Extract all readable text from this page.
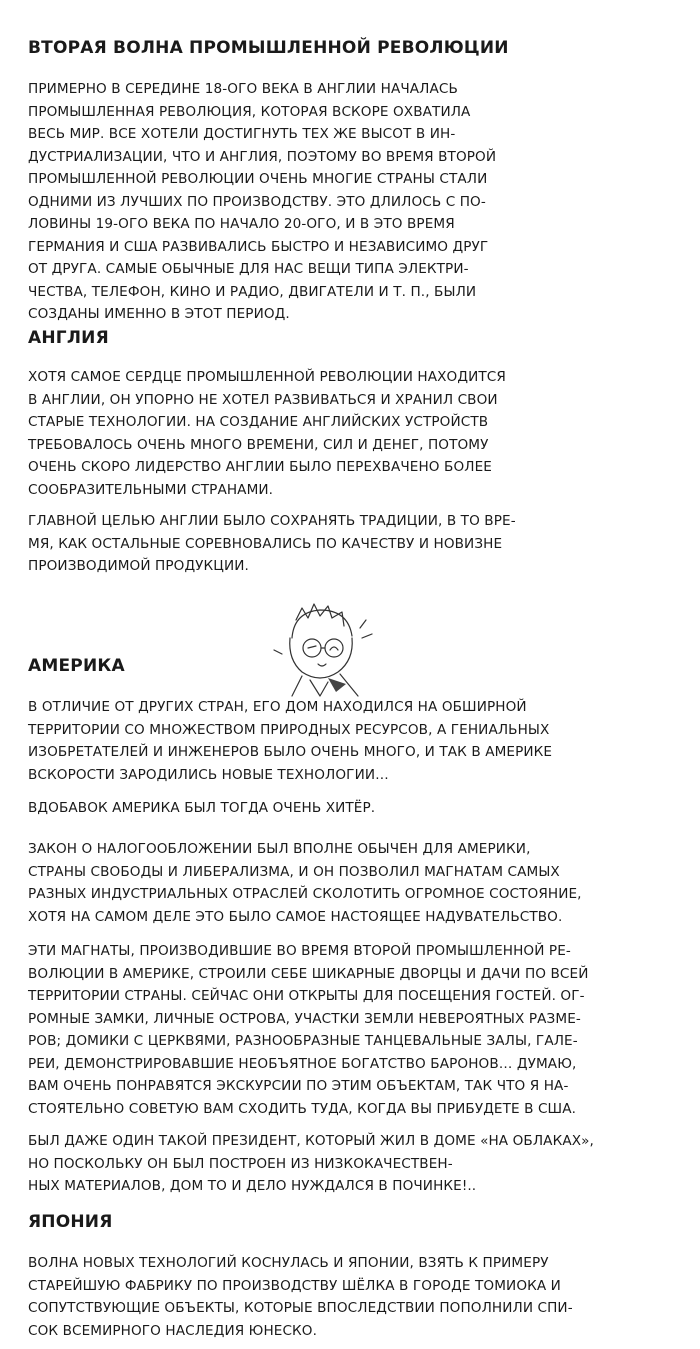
ВТОРАЯ ВОЛНА ПРОМЫШЛЕННОЙ РЕВОЛЮЦИИ
ПРИМЕРНО В СЕРЕДИНЕ 18-ОГО ВЕКА В АНГЛИИ НАЧАЛАСЬ
ПРОМЫШЛЕННАЯ РЕВОЛЮЦИЯ, КОТОРАЯ ВСКОРЕ ОХВАТИЛА
ВЕСЬ МИР. ВСЕ ХОТЕЛИ ДОСТИГНУТЬ ТЕХ ЖЕ ВЫСОТ В ИН-
ДУСТРИАЛИЗАЦИИ, ЧТО И АНГЛИЯ, ПОЭТОМУ ВО ВРЕМЯ ВТОРОЙ
ПРОМЫШЛЕННОЙ РЕВОЛЮЦИИ ОЧЕНЬ МНОГИЕ СТРАНЫ СТАЛИ
ОДНИМИ ИЗ ЛУЧШИХ ПО ПРОИЗВОДСТВУ. ЭТО ДЛИЛОСЬ С ПО-
ЛОВИНЫ 19-ОГО ВЕКА ПО НАЧАЛО 20-ОГО, И В ЭТО ВРЕМЯ
ГЕРМАНИЯ И США РАЗВИВАЛИСЬ БЫСТРО И НЕЗАВИСИМО ДРУГ
ОТ ДРУГА. САМЫЕ ОБЫЧНЫЕ ДЛЯ НАС ВЕЩИ ТИПА ЭЛЕКТРИ-
ЧЕСТВА, ТЕЛЕФОН, КИНО И РАДИО, ДВИГАТЕЛИ И Т. П., БЫЛИ
СОЗДАНЫ ИМЕННО В ЭТОТ ПЕРИОД.
АНГЛИЯ
ХОТЯ САМОЕ СЕРДЦЕ ПРОМЫШЛЕННОЙ РЕВОЛЮЦИИ НАХОДИТСЯ
В АНГЛИИ, ОН УПОРНО НЕ ХОТЕЛ РАЗВИВАТЬСЯ И ХРАНИЛ СВОИ
СТАРЫЕ ТЕХНОЛОГИИ. НА СОЗДАНИЕ АНГЛИЙСКИХ УСТРОЙСТВ
ТРЕБОВАЛОСЬ ОЧЕНЬ МНОГО ВРЕМЕНИ, СИЛ И ДЕНЕГ, ПОТОМУ
ОЧЕНЬ СКОРО ЛИДЕРСТВО АНГЛИИ БЫЛО ПЕРЕХВАЧЕНО БОЛЕЕ
СООБРАЗИТЕЛЬНЫМИ СТРАНАМИ.
ГЛАВНОЙ ЦЕЛЬЮ АНГЛИИ БЫЛО СОХРАНЯТЬ ТРАДИЦИИ, В ТО ВРЕ-
МЯ, КАК ОСТАЛЬНЫЕ СОРЕВНОВАЛИСЬ ПО КАЧЕСТВУ И НОВИЗНЕ
ПРОИЗВОДИМОЙ ПРОДУКЦИИ.
АМЕРИКА
В ОТЛИЧИЕ ОТ ДРУГИХ СТРАН, ЕГО ДОМ НАХОДИЛСЯ НА ОБШИРНОЙ
ТЕРРИТОРИИ СО МНОЖЕСТВОМ ПРИРОДНЫХ РЕСУРСОВ, А ГЕНИАЛЬНЫХ
ИЗОБРЕТАТЕЛЕЙ И ИНЖЕНЕРОВ БЫЛО ОЧЕНЬ МНОГО, И ТАК В АМЕРИКЕ
ВСКОРОСТИ ЗАРОДИЛИСЬ НОВЫЕ ТЕХНОЛОГИИ…
ВДОБАВОК АМЕРИКА БЫЛ ТОГДА ОЧЕНЬ ХИТЁР.
ЗАКОН О НАЛОГООБЛОЖЕНИИ БЫЛ ВПОЛНЕ ОБЫЧЕН ДЛЯ АМЕРИКИ,
СТРАНЫ СВОБОДЫ И ЛИБЕРАЛИЗМА, И ОН ПОЗВОЛИЛ МАГНАТАМ САМЫХ
РАЗНЫХ ИНДУСТРИАЛЬНЫХ ОТРАСЛЕЙ СКОЛОТИТЬ ОГРОМНОЕ СОСТОЯНИЕ,
ХОТЯ НА САМОМ ДЕЛЕ ЭТО БЫЛО САМОЕ НАСТОЯЩЕЕ НАДУВАТЕЛЬСТВО.
ЭТИ МАГНАТЫ, ПРОИЗВОДИВШИЕ ВО ВРЕМЯ ВТОРОЙ ПРОМЫШЛЕННОЙ РЕ-
ВОЛЮЦИИ В АМЕРИКЕ, СТРОИЛИ СЕБЕ ШИКАРНЫЕ ДВОРЦЫ И ДАЧИ ПО ВСЕЙ
ТЕРРИТОРИИ СТРАНЫ. СЕЙЧАС ОНИ ОТКРЫТЫ ДЛЯ ПОСЕЩЕНИЯ ГОСТЕЙ. ОГ-
РОМНЫЕ ЗАМКИ, ЛИЧНЫЕ ОСТРОВА, УЧАСТКИ ЗЕМЛИ НЕВЕРОЯТНЫХ РАЗМЕ-
РОВ; ДОМИКИ С ЦЕРКВЯМИ, РАЗНООБРАЗНЫЕ ТАНЦЕВАЛЬНЫЕ ЗАЛЫ, ГАЛЕ-
РЕИ, ДЕМОНСТРИРОВАВШИЕ НЕОБЪЯТНОЕ БОГАТСТВО БАРОНОВ… ДУМАЮ,
ВАМ ОЧЕНЬ ПОНРАВЯТСЯ ЭКСКУРСИИ ПО ЭТИМ ОБЪЕКТАМ, ТАК ЧТО Я НА-
СТОЯТЕЛЬНО СОВЕТУЮ ВАМ СХОДИТЬ ТУДА, КОГДА ВЫ ПРИБУДЕТЕ В США.
БЫЛ ДАЖЕ ОДИН ТАКОЙ ПРЕЗИДЕНТ, КОТОРЫЙ ЖИЛ В ДОМЕ «НА ОБЛАКАХ»,
НО ПОСКОЛЬКУ ОН БЫЛ ПОСТРОЕН ИЗ НИЗКОКАЧЕСТВЕН-
НЫХ МАТЕРИАЛОВ, ДОМ ТО И ДЕЛО НУЖДАЛСЯ В ПОЧИНКЕ!..
ЯПОНИЯ
ВОЛНА НОВЫХ ТЕХНОЛОГИЙ КОСНУЛАСЬ И ЯПОНИИ, ВЗЯТЬ К ПРИМЕРУ
СТАРЕЙШУЮ ФАБРИКУ ПО ПРОИЗВОДСТВУ ШЁЛКА В ГОРОДЕ ТОМИОКА И
СОПУТСТВУЮЩИЕ ОБЪЕКТЫ, КОТОРЫЕ ВПОСЛЕДСТВИИ ПОПОЛНИЛИ СПИ-
СОК ВСЕМИРНОГО НАСЛЕДИЯ ЮНЕСКО.
